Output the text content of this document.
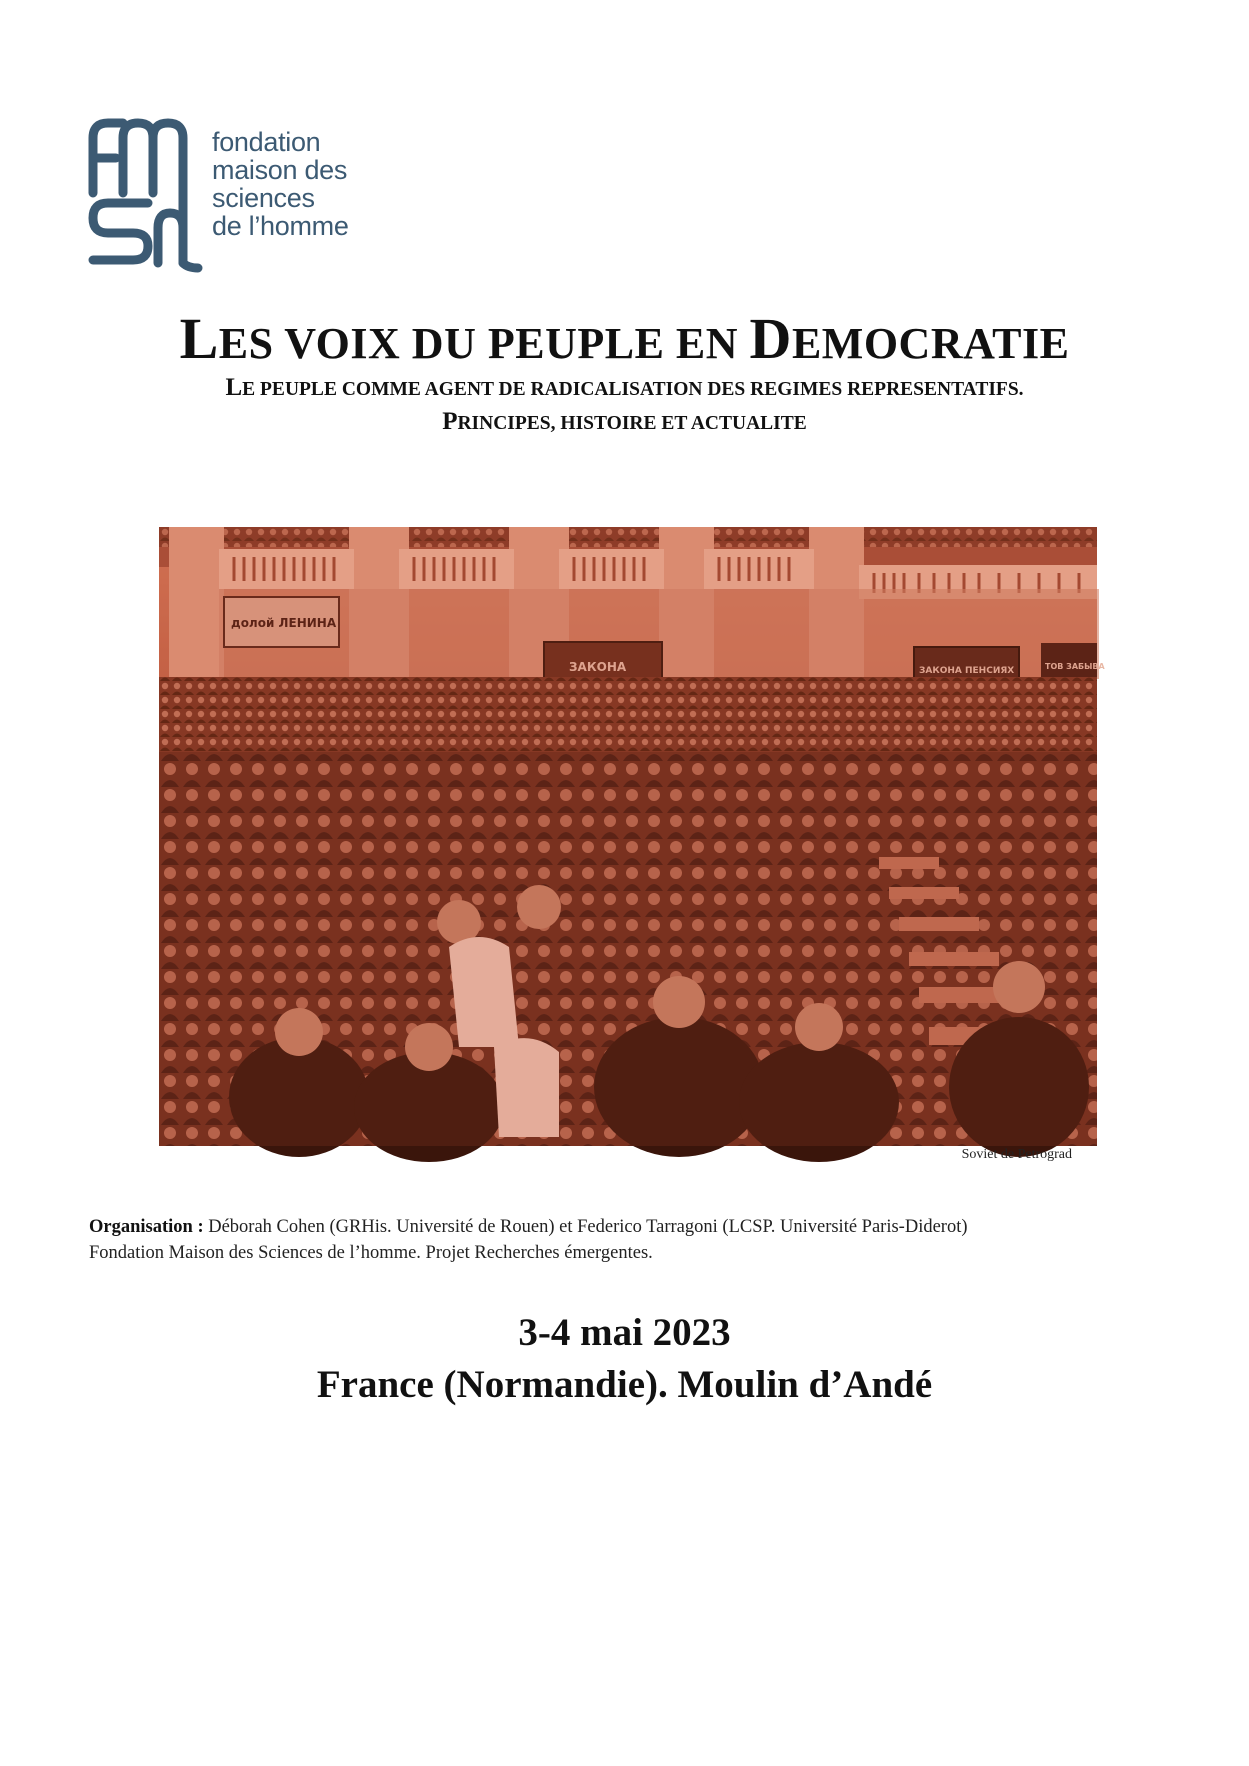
fondation
maison des
sciences
de l’homme
LES VOIX DU PEUPLE EN DEMOCRATIE
LE PEUPLE COMME AGENT DE RADICALISATION DES REGIMES REPRESENTATIFS.
PRINCIPES, HISTOIRE ET ACTUALITE
долой ЛЕНИНА
ЗАКОНА	ЗАКОНА ПЕНСИЯХ	ТОВ ЗАБЫВА
Soviet de Petrograd
Organisation : Déborah Cohen (GRHis. Université de Rouen) et Federico Tarragoni (LCSP. Université Paris-Diderot)
Fondation Maison des Sciences de l’homme. Projet Recherches émergentes.
3-4 mai 2023
France (Normandie). Moulin d’Andé
